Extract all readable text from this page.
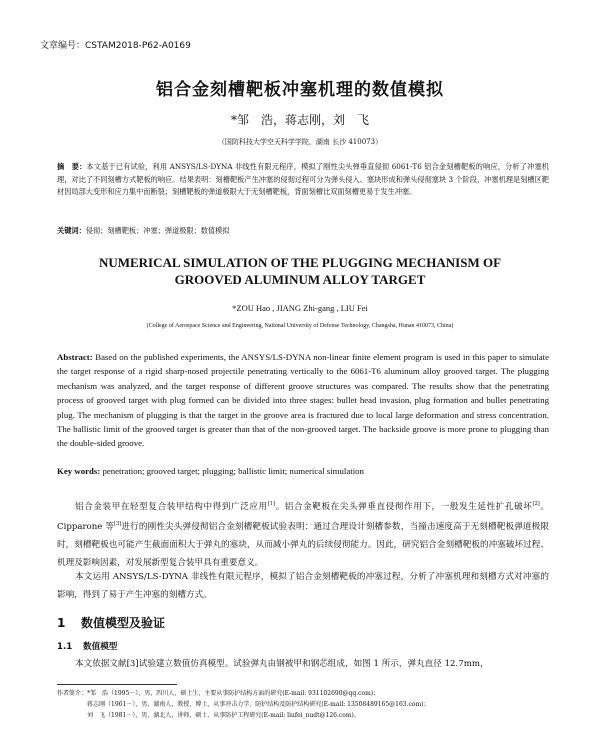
文章编号：CSTAM2018-P62-A0169
铝合金刻槽靶板冲塞机理的数值模拟
*邹　浩，蒋志刚，刘　飞
（国防科技大学空天科学学院，湖南 长沙 410073）
摘　要：本文基于已有试验，利用 ANSYS/LS-DYNA 非线性有限元程序，模拟了刚性尖头弹垂直侵彻 6061-T6 铝合金刻槽靶板的响应，分析了冲塞机理，对比了不同刻槽方式靶板的响应。结果表明：刻槽靶板产生冲塞的侵彻过程可分为弹头侵入、塞块形成和弹头侵彻塞块 3 个阶段，冲塞机理是刻槽区靶材因局部大变形和应力集中而断裂；刻槽靶板的弹道极限大于无刻槽靶板，背面刻槽比双面刻槽更易于发生冲塞。
关键词：侵彻；刻槽靶板；冲塞；弹道极限；数值模拟
NUMERICAL SIMULATION OF THE PLUGGING MECHANISM OF
GROOVED ALUMINUM ALLOY TARGET
*ZOU Hao , JIANG Zhi-gang , LIU Fei
(College of Aerospace Science and Engineering, National University of Defense Technology, Changsha, Hunan 410073, China)
Abstract: Based on the published experiments, the ANSYS/LS-DYNA non-linear finite element program is used in this paper to simulate the target response of a rigid sharp-nosed projectile penetrating vertically to the 6061-T6 aluminum alloy grooved target. The plugging mechanism was analyzed, and the target response of different groove structures was compared. The results show that the penetrating process of grooved target with plug formed can be divided into three stages: bullet head invasion, plug formation and bullet penetrating plug. The mechanism of plugging is that the target in the groove area is fractured due to local large deformation and stress concentration. The ballistic limit of the grooved target is greater than that of the non-grooved target. The backside groove is more prone to plugging than the double-sided groove.
Key words: penetration; grooved target; plugging; ballistic limit; numerical simulation
铝合金装甲在轻型复合装甲结构中得到广泛应用[1]。铝合金靶板在尖头弹垂直侵彻作用下，一般发生延性扩孔破坏[2]。Cipparone 等[3]进行的刚性尖头弹侵彻铝合金刻槽靶板试验表明：通过合理设计刻槽参数，当撞击速度高于无刻槽靶板弹道极限时，刻槽靶板也可能产生截面面积大于弹丸的塞块，从而减小弹丸的后续侵彻能力。因此，研究铝合金刻槽靶板的冲塞破坏过程、机理及影响因素，对发展新型复合装甲具有重要意义。
本文运用 ANSYS/LS-DYNA 非线性有限元程序，模拟了铝合金刻槽靶板的冲塞过程，分析了冲塞机理和刻槽方式对冲塞的影响，得到了易于产生冲塞的刻槽方式。
1 数值模型及验证
1.1 数值模型
本文依据文献[3]试验建立数值仿真模型。试验弹丸由钢被甲和钢芯组成，如图 1 所示，弹丸直径 12.7mm，
作者简介：*邹　浩（1995－），男，四川人，硕士生，主要从事防护结构方面的研究(E-mail: 931102690@qq.com)；
　　　　　蒋志刚（1961－），男，湖南人，教授，博士，从事冲击力学、防护结构及防护结构研究(E-mail: 13508489165@163.com)；
　　　　　刘　飞（1981－），男，湖北人，讲师，硕士，从事防护工程研究(E-mail: liufei_nudt@126.com)。
